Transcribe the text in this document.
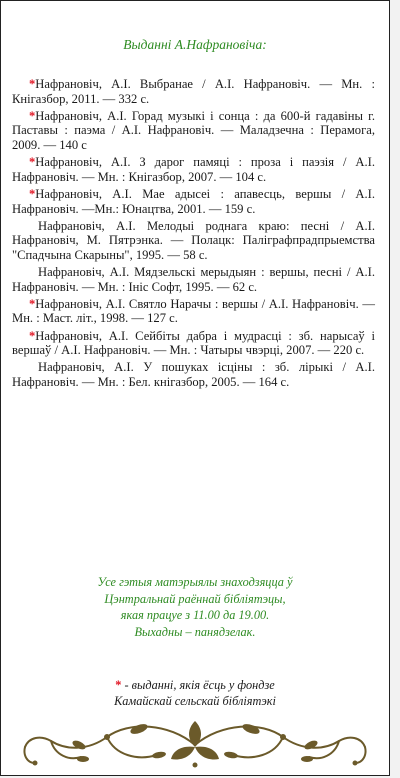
Выданні А.Нафрановіча:

*Нафрановіч, А.І. Выбранае / А.І. Нафрановіч. — Мн. : Кнігазбор, 2011. — 332 с.

*Нафрановіч, А.І. Горад музыкі і сонца : да 600-й гадавіны г. Паставы : паэма / А.І. Нафрановіч. — Маладзечна : Перамога, 2009. — 140 с

*Нафрановіч, А.І. З дарог памяці : проза і паэзія / А.І. Нафрановіч. — Мн. : Кнігазбор, 2007. — 104 с.

*Нафрановіч, А.І. Мае адысеі : апавесць, вершы / А.І. Нафрановіч. —Мн.: Юнацтва, 2001. — 159 с.

Нафрановіч, А.І. Мелодыі роднага краю: песні / А.І. Нафрановіч, М. Пятрэнка. — Полацк: Паліграфпрадпрыемства "Спадчына Скарыны", 1995. — 58 с.

Нафрановіч, А.І. Мядзельскі мерыдыян : вершы, песні / А.І. Нафрановіч. — Мн. : Ініс Софт, 1995. — 62 с.

*Нафрановіч, А.І. Святло Нарачы : вершы / А.І. Нафрановіч. — Мн. : Маст. літ., 1998. — 127 с.

*Нафрановіч, А.І. Сейбіты дабра і мудрасці : зб. нарысаў і вершаў / А.І. Нафрановіч. — Мн. : Чатыры чвэрці, 2007. — 220 с.

Нафрановіч, А.І. У пошуках ісціны : зб. лірыкі / А.І. Нафрановіч. — Мн. : Бел. кнігазбор, 2005. — 164 с.

Усе гэтыя матэрыялы знаходзяцца ў
Цэнтральнай раённай бібліятэцы,
якая працуе з 11.00 да 19.00.
Выхадны – панядзелак.
* - выданні, якія ёсць у фондзе
Камайскай сельскай бібліятэкі
